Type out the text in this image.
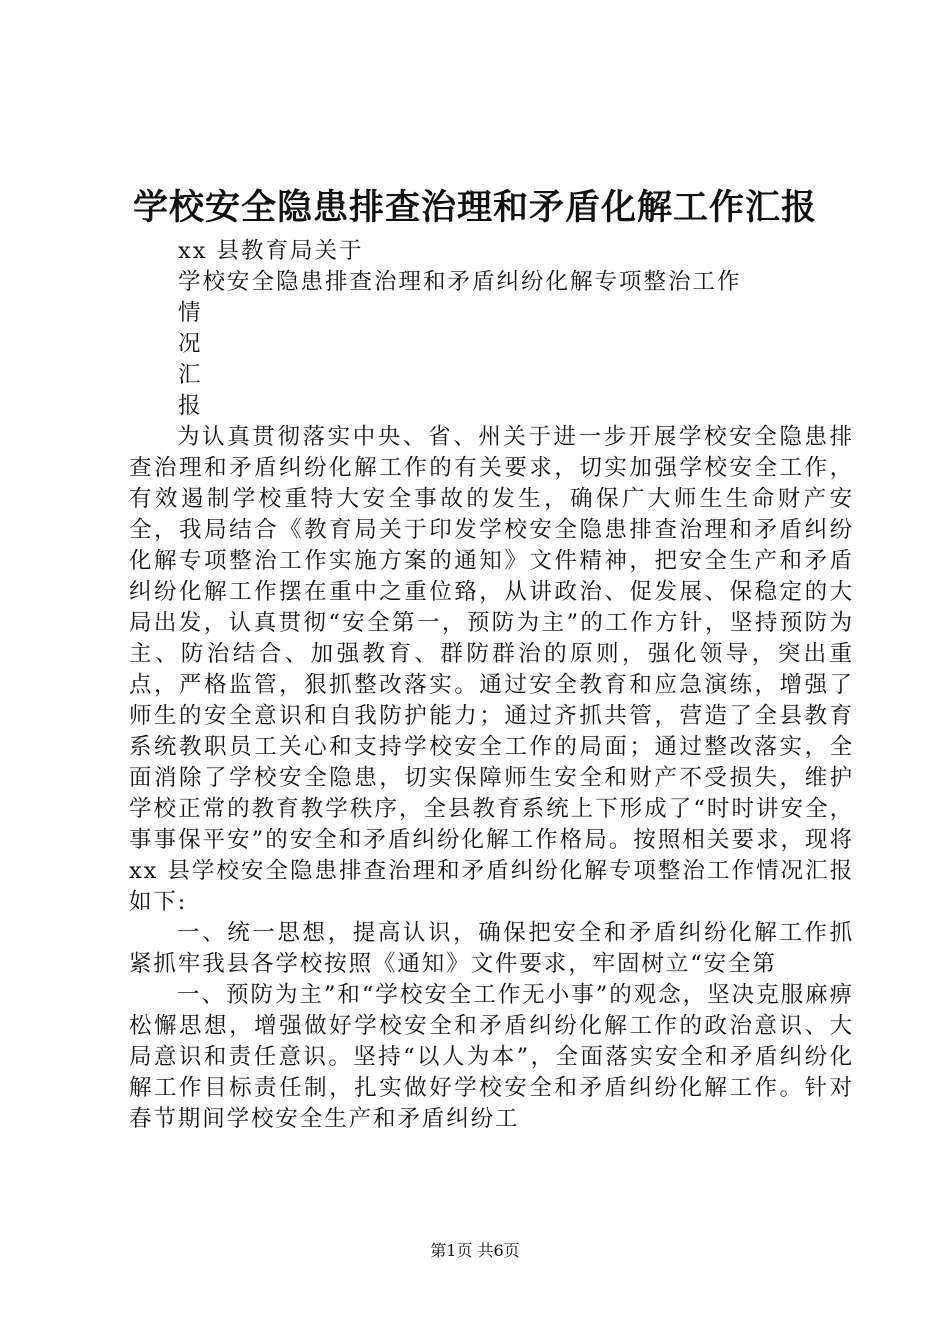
学校安全隐患排查治理和矛盾化解工作汇报
xx 县教育局关于
学校安全隐患排查治理和矛盾纠纷化解专项整治工作
情
况
汇
报

为认真贯彻落实中央、省、州关于进一步开展学校安全隐患排查治理和矛盾纠纷化解工作的有关要求，切实加强学校安全工作，有效遏制学校重特大安全事故的发生，确保广大师生生命财产安全，我局结合《教育局关于印发学校安全隐患排查治理和矛盾纠纷化解专项整治工作实施方案的通知》文件精神，把安全生产和矛盾纠纷化解工作摆在重中之重位臵，从讲政治、促发展、保稳定的大局出发，认真贯彻“安全第一，预防为主”的工作方针，坚持预防为主、防治结合、加强教育、群防群治的原则，强化领导，突出重点，严格监管，狠抓整改落实。通过安全教育和应急演练，增强了师生的安全意识和自我防护能力；通过齐抓共管，营造了全县教育系统教职员工关心和支持学校安全工作的局面；通过整改落实，全面消除了学校安全隐患，切实保障师生安全和财产不受损失，维护学校正常的教育教学秩序，全县教育系统上下形成了“时时讲安全，事事保平安”的安全和矛盾纠纷化解工作格局。按照相关要求，现将 xx 县学校安全隐患排查治理和矛盾纠纷化解专项整治工作情况汇报如下:

一、统一思想，提高认识，确保把安全和矛盾纠纷化解工作抓紧抓牢我县各学校按照《通知》文件要求，牢固树立“安全第

一、预防为主”和“学校安全工作无小事”的观念，坚决克服麻痹松懈思想，增强做好学校安全和矛盾纠纷化解工作的政治意识、大局意识和责任意识。坚持“以人为本”，全面落实安全和矛盾纠纷化解工作目标责任制，扎实做好学校安全和矛盾纠纷化解工作。针对春节期间学校安全生产和矛盾纠纷工

第1页 共6页
